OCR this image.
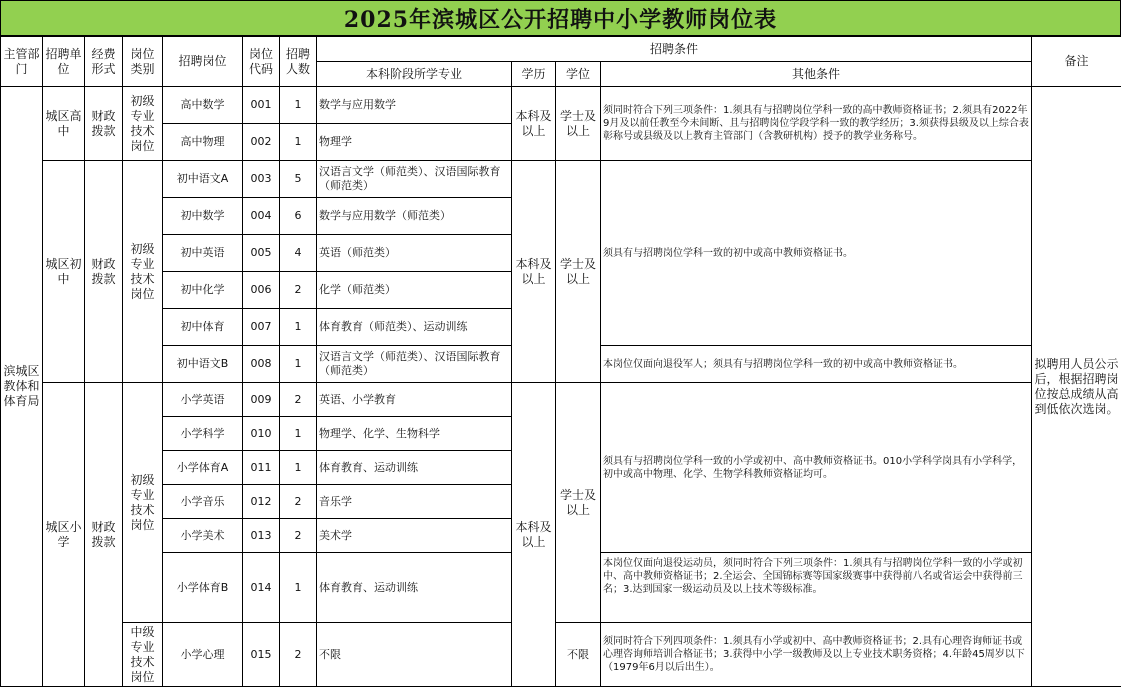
2025年滨城区公开招聘中小学教师岗位表
主管部门	招聘单位	经费形式	岗位类别	招聘岗位	岗位代码	招聘人数	招聘条件				备注
							本科阶段所学专业	学历	学位	其他条件	
滨城区教体和体育局	城区高中	财政拨款	初级专业技术岗位	高中数学	001	1	数学与应用数学	本科及以上	学士及以上	须同时符合下列三项条件：1.须具有与招聘岗位学科一致的高中教师资格证书；2.须具有2022年9月及以前任教至今未间断、且与招聘岗位学段学科一致的教学经历；3.须获得县级及以上综合表彰称号或县级及以上教育主管部门（含教研机构）授予的教学业务称号。	拟聘用人员公示后，根据招聘岗位按总成绩从高到低依次选岗。
				高中物理	002	1	物理学				
	城区初中	财政拨款	初级专业技术岗位	初中语文A	003	5	汉语言文学（师范类）、汉语国际教育（师范类）	本科及以上	学士及以上	须具有与招聘岗位学科一致的初中或高中教师资格证书。	
				初中数学	004	6	数学与应用数学（师范类）				
				初中英语	005	4	英语（师范类）				
				初中化学	006	2	化学（师范类）				
				初中体育	007	1	体育教育（师范类）、运动训练				
				初中语文B	008	1	汉语言文学（师范类）、汉语国际教育（师范类）			本岗位仅面向退役军人；须具有与招聘岗位学科一致的初中或高中教师资格证书。	
	城区小学	财政拨款	初级专业技术岗位	小学英语	009	2	英语、小学教育	本科及以上	学士及以上	须具有与招聘岗位学科一致的小学或初中、高中教师资格证书。010小学科学岗具有小学科学，初中或高中物理、化学、生物学科教师资格证均可。	
				小学科学	010	1	物理学、化学、生物科学				
				小学体育A	011	1	体育教育、运动训练				
				小学音乐	012	2	音乐学				
				小学美术	013	2	美术学				
				小学体育B	014	1	体育教育、运动训练			本岗位仅面向退役运动员，须同时符合下列三项条件：1.须具有与招聘岗位学科一致的小学或初中、高中教师资格证书；2.全运会、全国锦标赛等国家级赛事中获得前八名或省运会中获得前三名；3.达到国家一级运动员及以上技术等级标准。	
			中级专业技术岗位	小学心理	015	2	不限		不限	须同时符合下列四项条件：1.须具有小学或初中、高中教师资格证书；2.具有心理咨询师证书或心理咨询师培训合格证书；3.获得中小学一级教师及以上专业技术职务资格；4.年龄45周岁以下（1979年6月以后出生）。	
